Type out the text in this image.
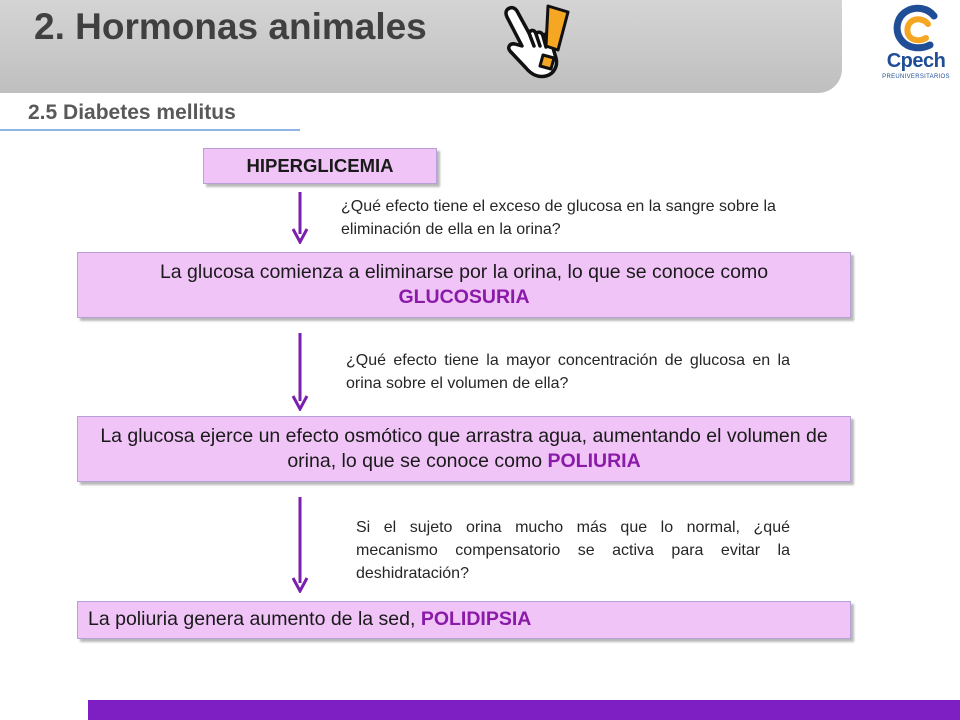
2. Hormonas animales
Cpech
PREUNIVERSITARIOS
2.5 Diabetes mellitus
HIPERGLICEMIA

¿Qué efecto tiene el exceso de glucosa en la sangre sobre la eliminación de ella en la orina?

La glucosa comienza a eliminarse por la orina, lo que se conoce como
GLUCOSURIA

¿Qué efecto tiene la mayor concentración de glucosa en la orina sobre el volumen de ella?

La glucosa ejerce un efecto osmótico que arrastra agua, aumentando el volumen de orina, lo que se conoce como POLIURIA

Si el sujeto orina mucho más que lo normal, ¿qué mecanismo compensatorio se activa para evitar la deshidratación?

La poliuria genera aumento de la sed, POLIDIPSIA
